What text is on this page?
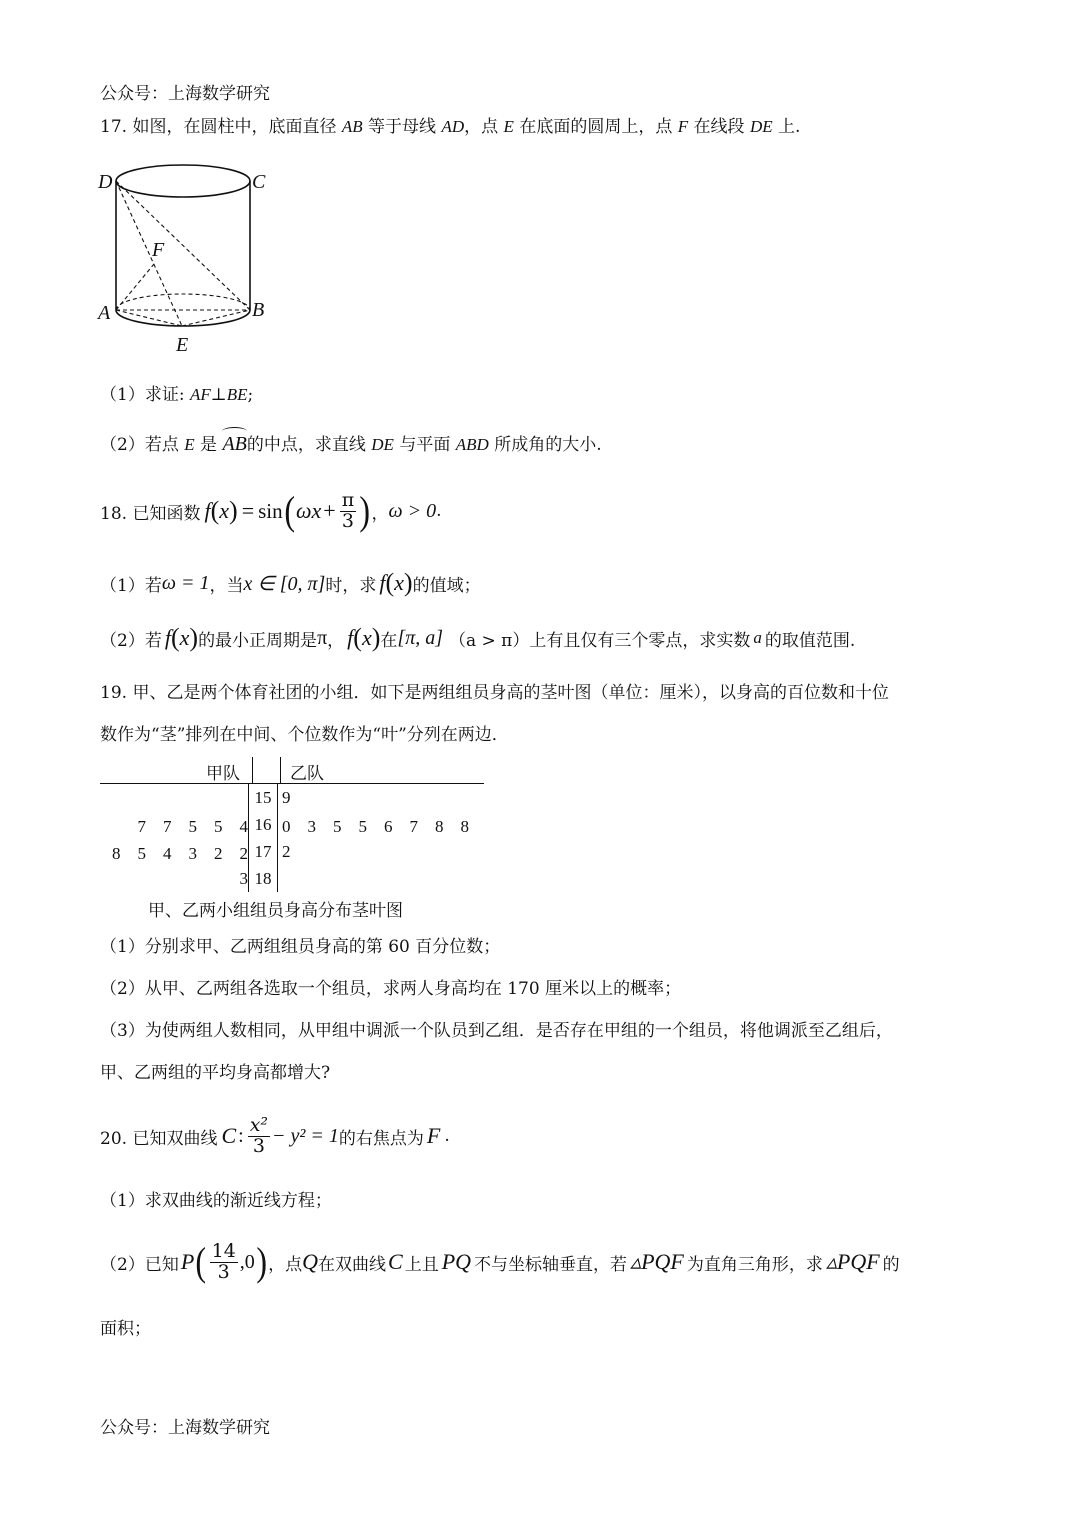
公众号：上海数学研究
17. 如图，在圆柱中，底面直径 AB 等于母线 AD，点 E 在底面的圆周上，点 F 在线段 DE 上.
D	C
F
A	B
E
（1）求证: AF⊥BE;
（2）若点 E 是 AB的中点，求直线 DE 与平面 ABD 所成角的大小.
18. 已知函数 f ( x ) = sin ( $\omega x + \frac{\pi}{3}$ ) ， ω > 0 .
（1）若 ω = 1 ，当 x ∈ [0, π] 时，求 f ( x ) 的值域；
（2）若 f ( x ) 的最小正周期是 π ， f ( x ) 在 [π, a] （a > π） 上有且仅有三个零点，求实数 a 的取值范围.
19. 甲、乙是两个体育社团的小组．如下是两组组员身高的茎叶图（单位：厘米），以身高的百位数和十位
数作为“茎”排列在中间、个位数作为“叶”分列在两边．
甲队	乙队
	15	9
7　7　5　5　4	16	0　3　5　5　6　7　8　8
8　5　4　3　2　2	17	2
3	18	
甲、乙两小组组员身高分布茎叶图
（1）分别求甲、乙两组组员身高的第 60 百分位数；
（2）从甲、乙两组各选取一个组员，求两人身高均在 170 厘米以上的概率；
（3）为使两组人数相同，从甲组中调派一个队员到乙组．是否存在甲组的一个组员，将他调派至乙组后，
甲、乙两组的平均身高都增大?
20. 已知双曲线 C : $\frac{\text{x²}}{3} - y^2 = 1$ 的右焦点为 F .
（1）求双曲线的渐近线方程；
（2）已知 P ( $\frac{14}{3} ,0$ ) ，点 Q 在双曲线 C 上且 PQ 不与坐标轴垂直，若 ▵PQF 为直角三角形，求 ▵PQF 的
面积；
公众号：上海数学研究
